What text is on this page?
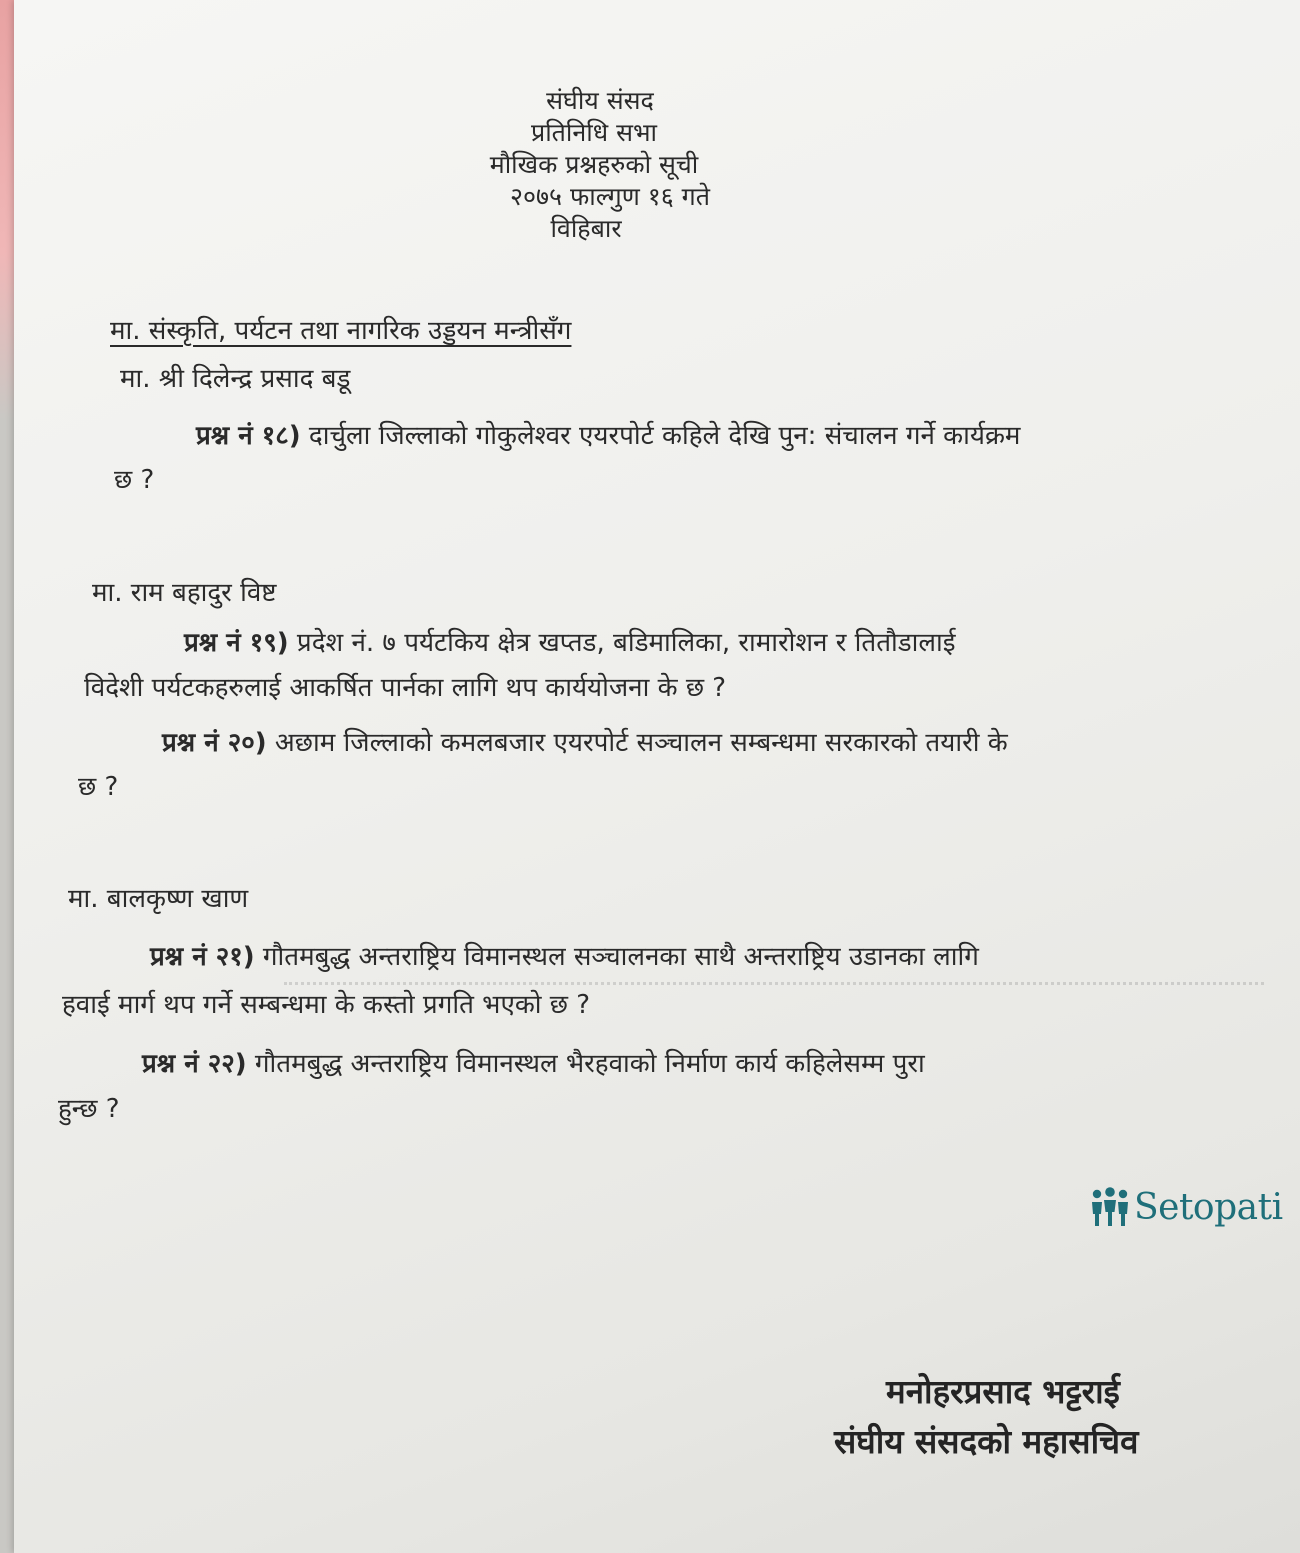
संघीय संसद
प्रतिनिधि सभा
मौखिक प्रश्नहरुको सूची
२०७५ फाल्गुण १६ गते
विहिबार
मा. संस्कृति, पर्यटन तथा नागरिक उड्डयन मन्त्रीसँग
मा. श्री दिलेन्द्र प्रसाद बडू
प्रश्न नं १८) दार्चुला जिल्लाको गोकुलेश्वर एयरपोर्ट कहिले देखि पुन: संचालन गर्ने कार्यक्रम
छ ?
मा. राम बहादुर विष्ट
प्रश्न नं १९) प्रदेश नं. ७ पर्यटकिय क्षेत्र खप्तड, बडिमालिका, रामारोशन र तितौडालाई
विदेशी पर्यटकहरुलाई आकर्षित पार्नका लागि थप कार्ययोजना के छ ?
प्रश्न नं २०) अछाम जिल्लाको कमलबजार एयरपोर्ट सञ्चालन सम्बन्धमा सरकारको तयारी के
छ ?
मा. बालकृष्ण खाण
प्रश्न नं २१) गौतमबुद्ध अन्तराष्ट्रिय विमानस्थल सञ्चालनका साथै अन्तराष्ट्रिय उडानका लागि
हवाई मार्ग थप गर्ने सम्बन्धमा के कस्तो प्रगति भएको छ ?
प्रश्न नं २२) गौतमबुद्ध अन्तराष्ट्रिय विमानस्थल भैरहवाको निर्माण कार्य कहिलेसम्म पुरा
हुन्छ ?
Setopati
मनोहरप्रसाद भट्टराई
संघीय संसदको महासचिव
